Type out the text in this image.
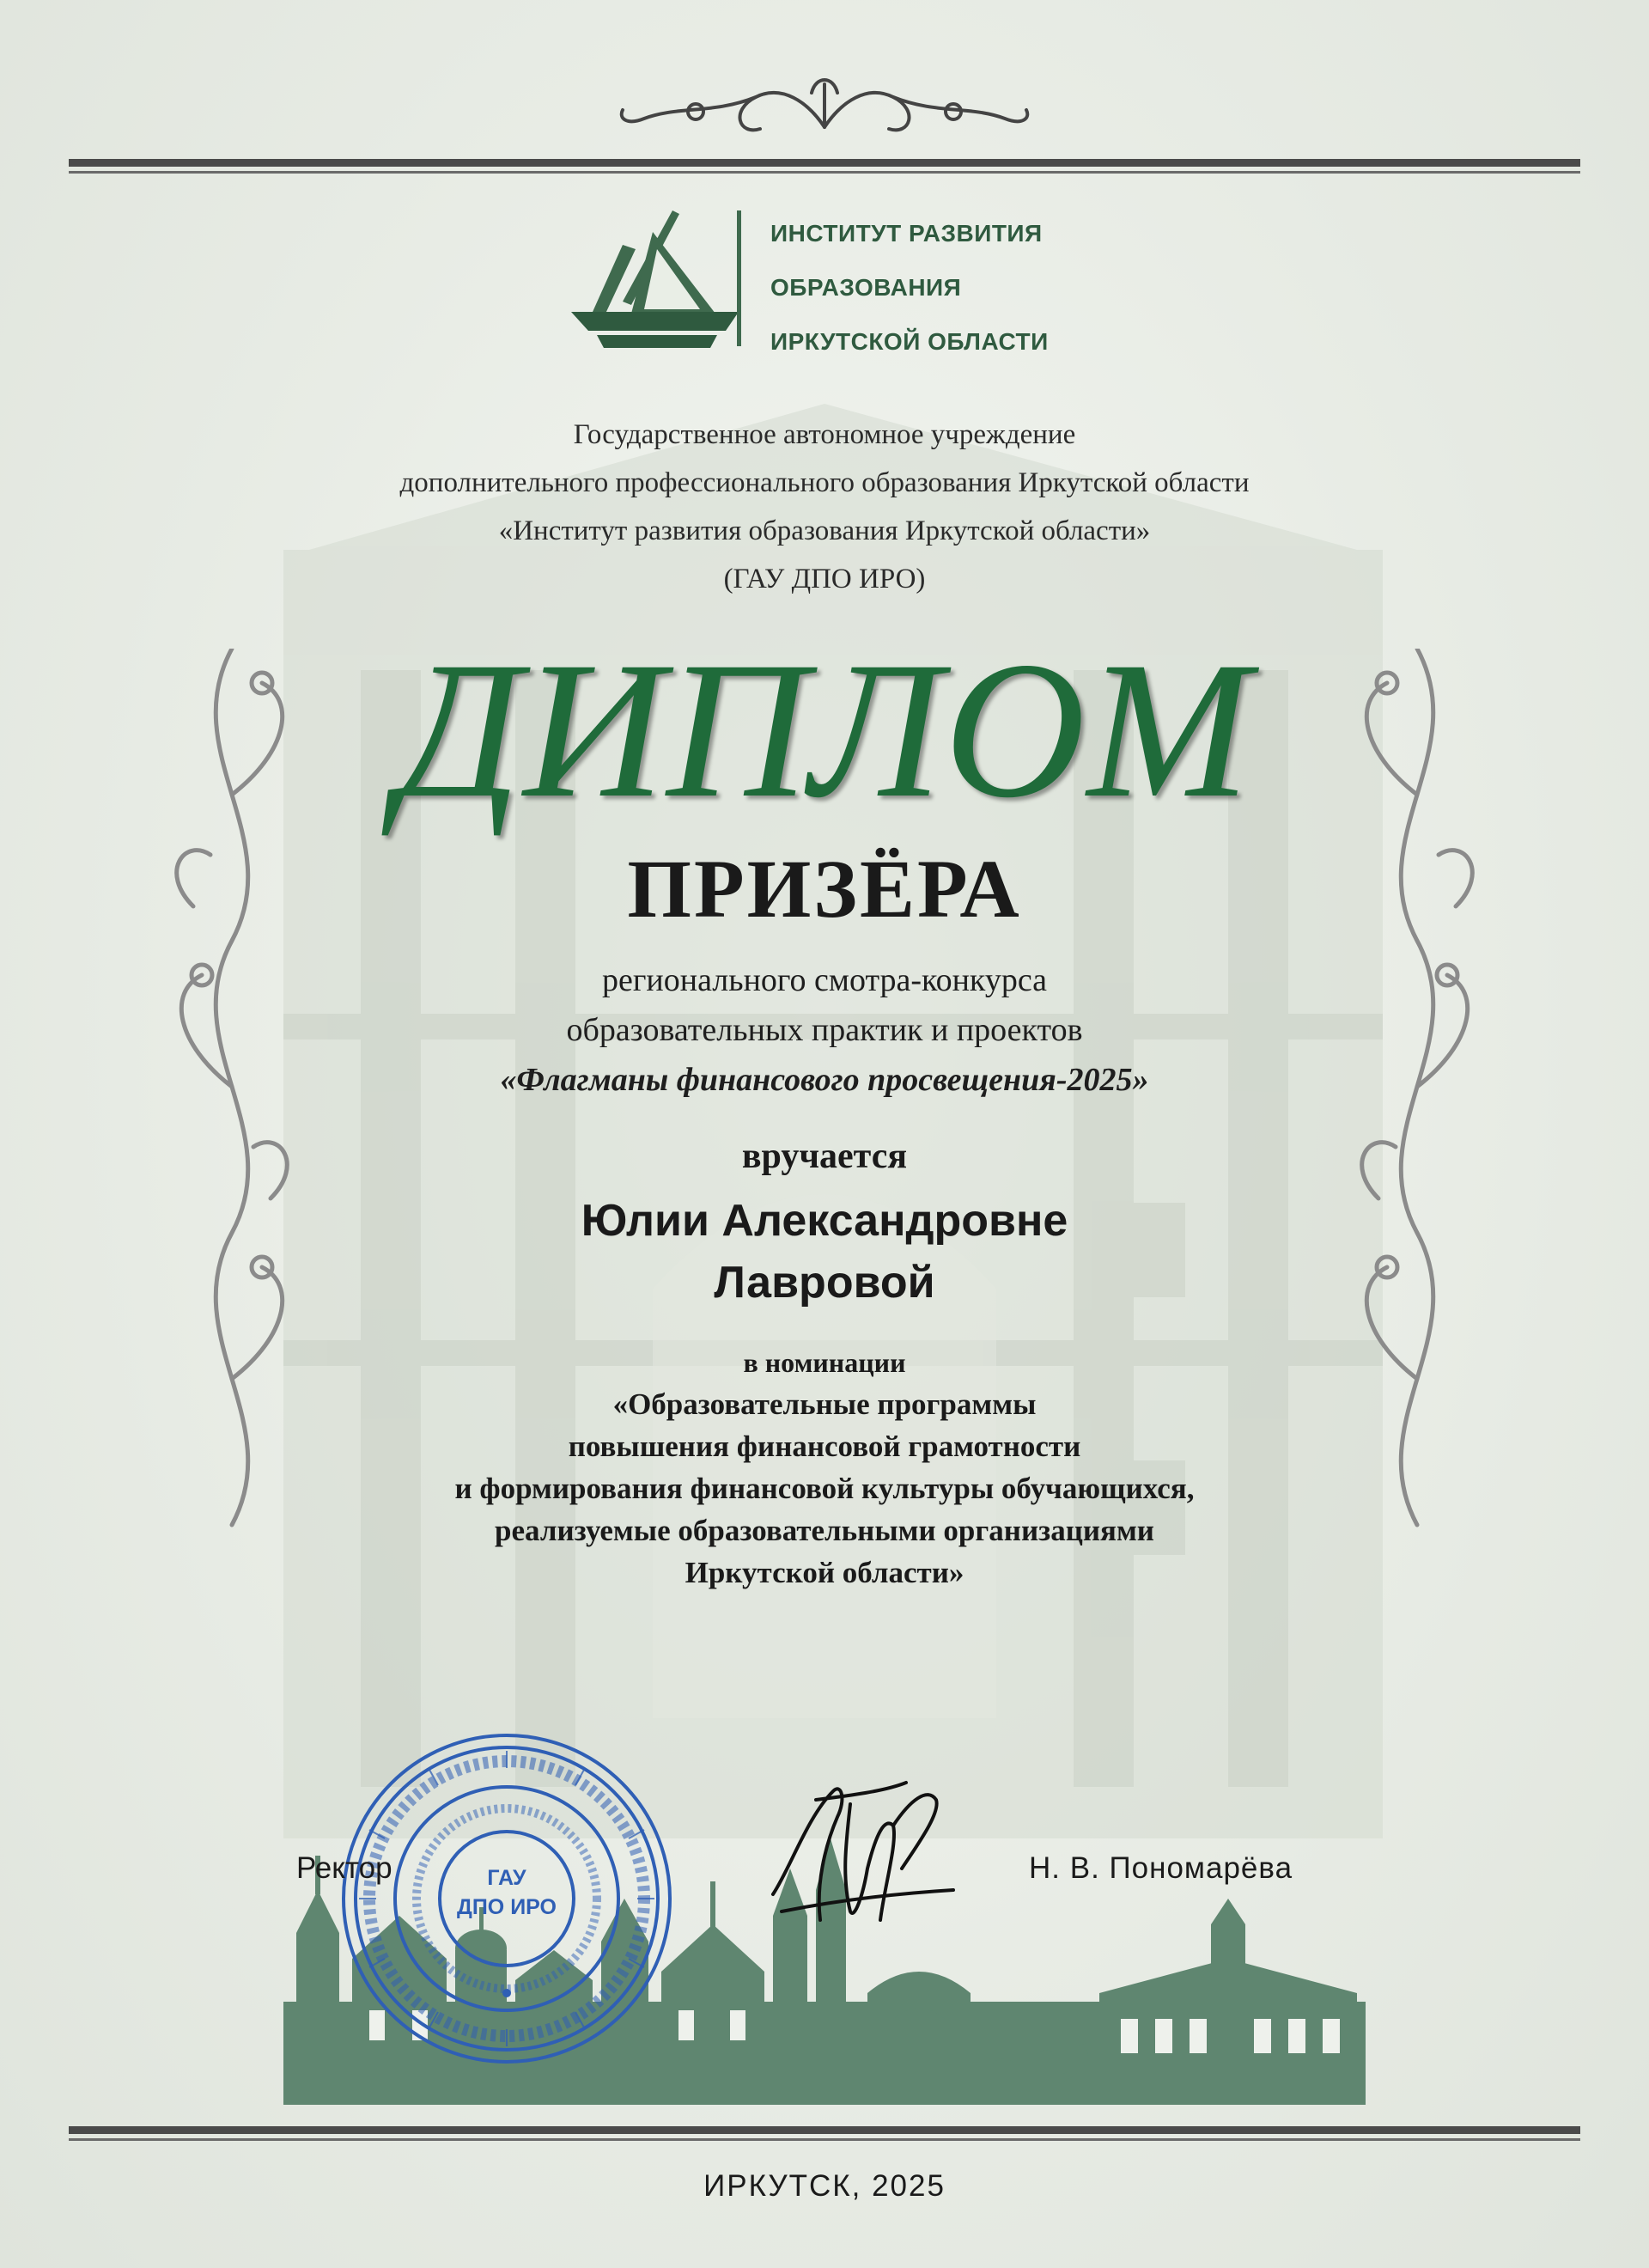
ИНСТИТУТ РАЗВИТИЯ
ОБРАЗОВАНИЯ
ИРКУТСКОЙ ОБЛАСТИ
Государственное автономное учреждение
дополнительного профессионального образования Иркутской области
«Институт развития образования Иркутской области»
(ГАУ ДПО ИРО)
ДИПЛОМ
ПРИЗЁРА
регионального смотра-конкурса
образовательных практик и проектов
«Флагманы финансового просвещения-2025»
вручается
Юлии Александровне
Лавровой
в номинации
«Образовательные программы
повышения финансовой грамотности
и формирования финансовой культуры обучающихся,
реализуемые образовательными организациями
Иркутской области»
ГАУ
ДПО ИРО
Ректор	Н. В. Пономарёва
ИРКУТСК, 2025
